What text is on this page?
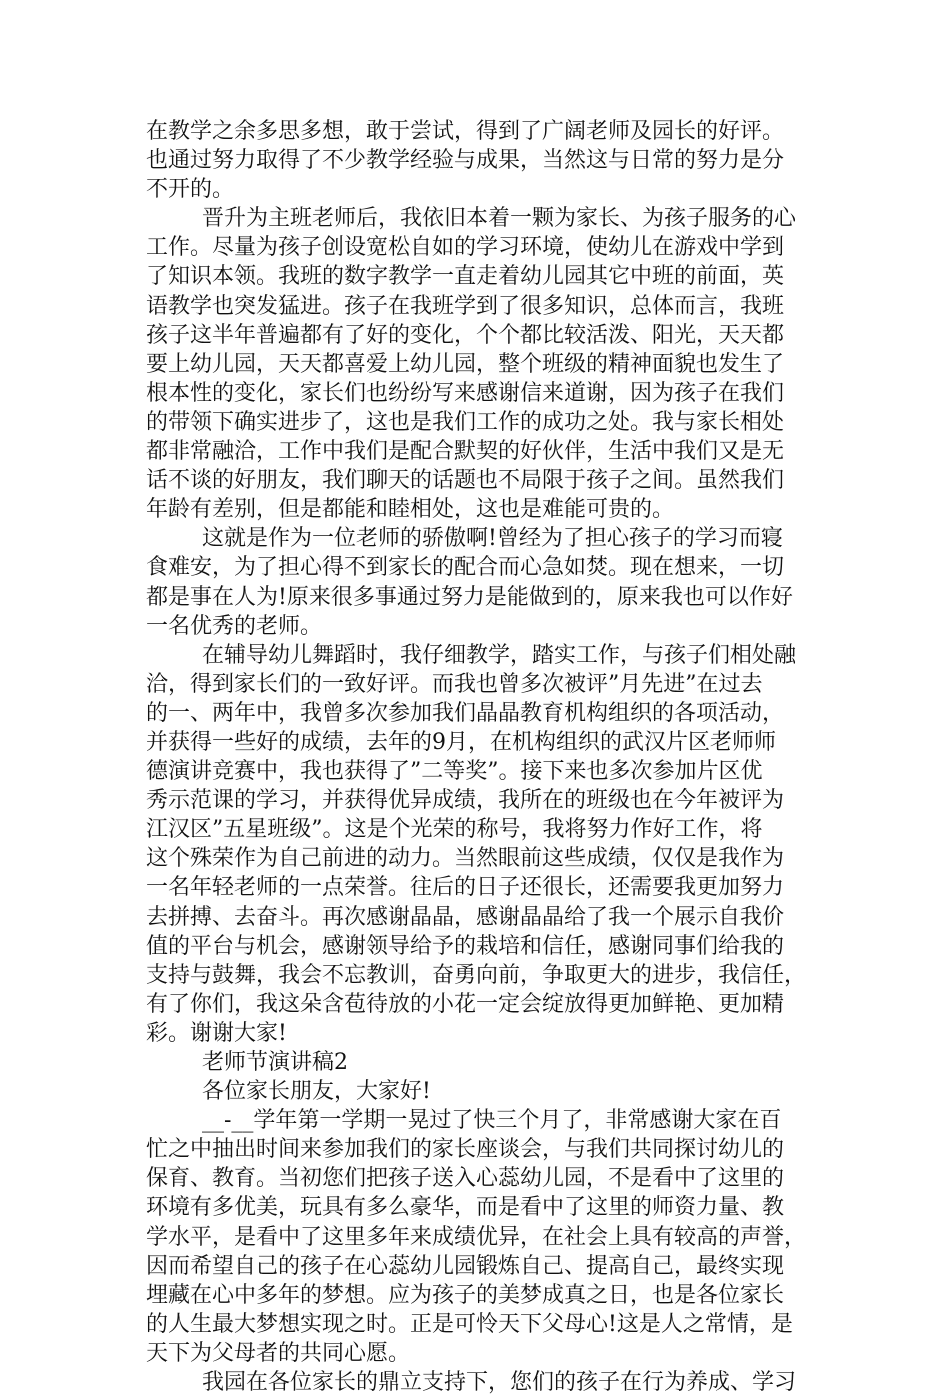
在教学之余多思多想，敢于尝试，得到了广阔老师及园长的好评。
也通过努力取得了不少教学经验与成果，当然这与日常的努力是分
不开的。
晋升为主班老师后，我依旧本着一颗为家长、为孩子服务的心
工作。尽量为孩子创设宽松自如的学习环境，使幼儿在游戏中学到
了知识本领。我班的数字教学一直走着幼儿园其它中班的前面，英
语教学也突发猛进。孩子在我班学到了很多知识，总体而言，我班
孩子这半年普遍都有了好的变化，个个都比较活泼、阳光，天天都
要上幼儿园，天天都喜爱上幼儿园，整个班级的精神面貌也发生了
根本性的变化，家长们也纷纷写来感谢信来道谢，因为孩子在我们
的带领下确实进步了，这也是我们工作的成功之处。我与家长相处
都非常融洽，工作中我们是配合默契的好伙伴，生活中我们又是无
话不谈的好朋友，我们聊天的话题也不局限于孩子之间。虽然我们
年龄有差别，但是都能和睦相处，这也是难能可贵的。
这就是作为一位老师的骄傲啊!曾经为了担心孩子的学习而寝
食难安，为了担心得不到家长的配合而心急如焚。现在想来，一切
都是事在人为!原来很多事通过努力是能做到的，原来我也可以作好
一名优秀的老师。
在辅导幼儿舞蹈时，我仔细教学，踏实工作，与孩子们相处融
洽，得到家长们的一致好评。而我也曾多次被评”月先进”在过去
的一、两年中，我曾多次参加我们晶晶教育机构组织的各项活动，
并获得一些好的成绩，去年的9月，在机构组织的武汉片区老师师
德演讲竞赛中，我也获得了”二等奖”。接下来也多次参加片区优
秀示范课的学习，并获得优异成绩，我所在的班级也在今年被评为
江汉区”五星班级”。这是个光荣的称号，我将努力作好工作，将
这个殊荣作为自己前进的动力。当然眼前这些成绩，仅仅是我作为
一名年轻老师的一点荣誉。往后的日子还很长，还需要我更加努力
去拼搏、去奋斗。再次感谢晶晶，感谢晶晶给了我一个展示自我价
值的平台与机会，感谢领导给予的栽培和信任，感谢同事们给我的
支持与鼓舞，我会不忘教训，奋勇向前，争取更大的进步，我信任，
有了你们，我这朵含苞待放的小花一定会绽放得更加鲜艳、更加精
彩。谢谢大家!
老师节演讲稿2
各位家长朋友，大家好!
__-__学年第一学期一晃过了快三个月了，非常感谢大家在百
忙之中抽出时间来参加我们的家长座谈会，与我们共同探讨幼儿的
保育、教育。当初您们把孩子送入心蕊幼儿园，不是看中了这里的
环境有多优美，玩具有多么豪华，而是看中了这里的师资力量、教
学水平，是看中了这里多年来成绩优异，在社会上具有较高的声誉，
因而希望自己的孩子在心蕊幼儿园锻炼自己、提高自己，最终实现
埋藏在心中多年的梦想。应为孩子的美梦成真之日，也是各位家长
的人生最大梦想实现之时。正是可怜天下父母心!这是人之常情，是
天下为父母者的共同心愿。
我园在各位家长的鼎立支持下，您们的孩子在行为养成、学习
